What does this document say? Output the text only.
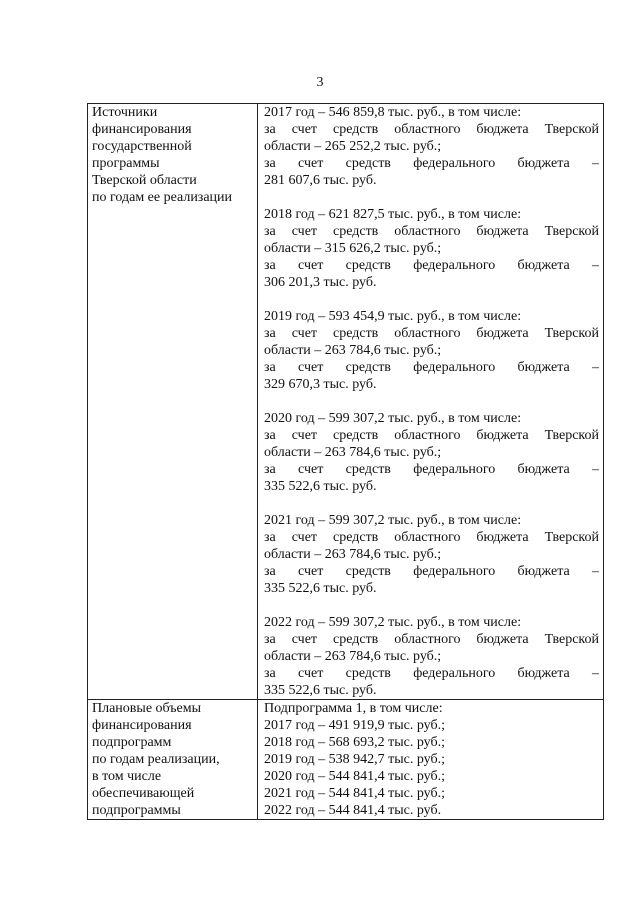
3
Источники
финансирования
государственной
программы
Тверской области
по годам ее реализации
2017 год – 546 859,8 тыс. руб., в том числе:
за счет средств областного бюджета Тверской
области – 265 252,2 тыс. руб.;
за счет средств федерального бюджета –
281 607,6 тыс. руб.
2018 год – 621 827,5 тыс. руб., в том числе:
за счет средств областного бюджета Тверской
области – 315 626,2 тыс. руб.;
за счет средств федерального бюджета –
306 201,3 тыс. руб.
2019 год – 593 454,9 тыс. руб., в том числе:
за счет средств областного бюджета Тверской
области – 263 784,6 тыс. руб.;
за счет средств федерального бюджета –
329 670,3 тыс. руб.
2020 год – 599 307,2 тыс. руб., в том числе:
за счет средств областного бюджета Тверской
области – 263 784,6 тыс. руб.;
за счет средств федерального бюджета –
335 522,6 тыс. руб.
2021 год – 599 307,2 тыс. руб., в том числе:
за счет средств областного бюджета Тверской
области – 263 784,6 тыс. руб.;
за счет средств федерального бюджета –
335 522,6 тыс. руб.
2022 год – 599 307,2 тыс. руб., в том числе:
за счет средств областного бюджета Тверской
области – 263 784,6 тыс. руб.;
за счет средств федерального бюджета –
335 522,6 тыс. руб.
Плановые объемы
финансирования
подпрограмм
по годам реализации,
в том числе
обеспечивающей
подпрограммы
Подпрограмма 1, в том числе:
2017 год – 491 919,9 тыс. руб.;
2018 год – 568 693,2 тыс. руб.;
2019 год – 538 942,7 тыс. руб.;
2020 год – 544 841,4 тыс. руб.;
2021 год – 544 841,4 тыс. руб.;
2022 год – 544 841,4 тыс. руб.
